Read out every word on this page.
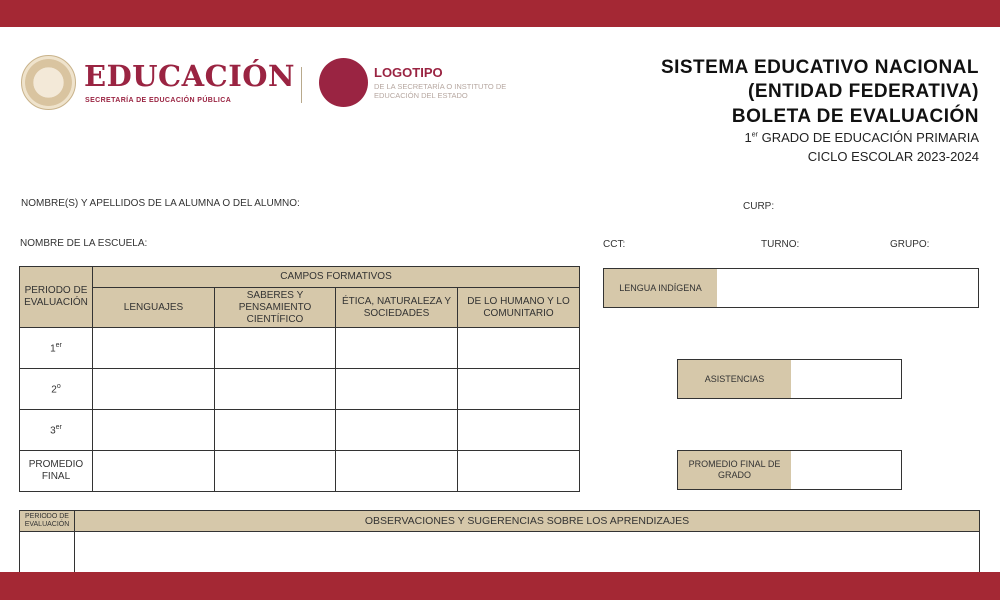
EDUCACIÓN
SECRETARÍA DE EDUCACIÓN PÚBLICA
LOGOTIPO
DE LA SECRETARÍA O INSTITUTO DE EDUCACIÓN DEL ESTADO
SISTEMA EDUCATIVO NACIONAL
(ENTIDAD FEDERATIVA)
BOLETA DE EVALUACIÓN
1er GRADO DE EDUCACIÓN PRIMARIA
CICLO ESCOLAR 2023-2024
NOMBRE(S) Y APELLIDOS DE LA ALUMNA O DEL ALUMNO:	CURP:
NOMBRE DE LA ESCUELA:	CCT:	TURNO:	GRUPO:
PERIODO DE EVALUACIÓN	CAMPOS FORMATIVOS			
	LENGUAJES	SABERES Y PENSAMIENTO CIENTÍFICO	ÉTICA, NATURALEZA Y SOCIEDADES	DE LO HUMANO Y LO COMUNITARIO
1er				
2$^o$				
3er				
PROMEDIO FINAL				
LENGUA INDÍGENA
ASISTENCIAS
PROMEDIO FINAL DE GRADO
PERIODO DE EVALUACIÓN	OBSERVACIONES Y SUGERENCIAS SOBRE LOS APRENDIZAJES
